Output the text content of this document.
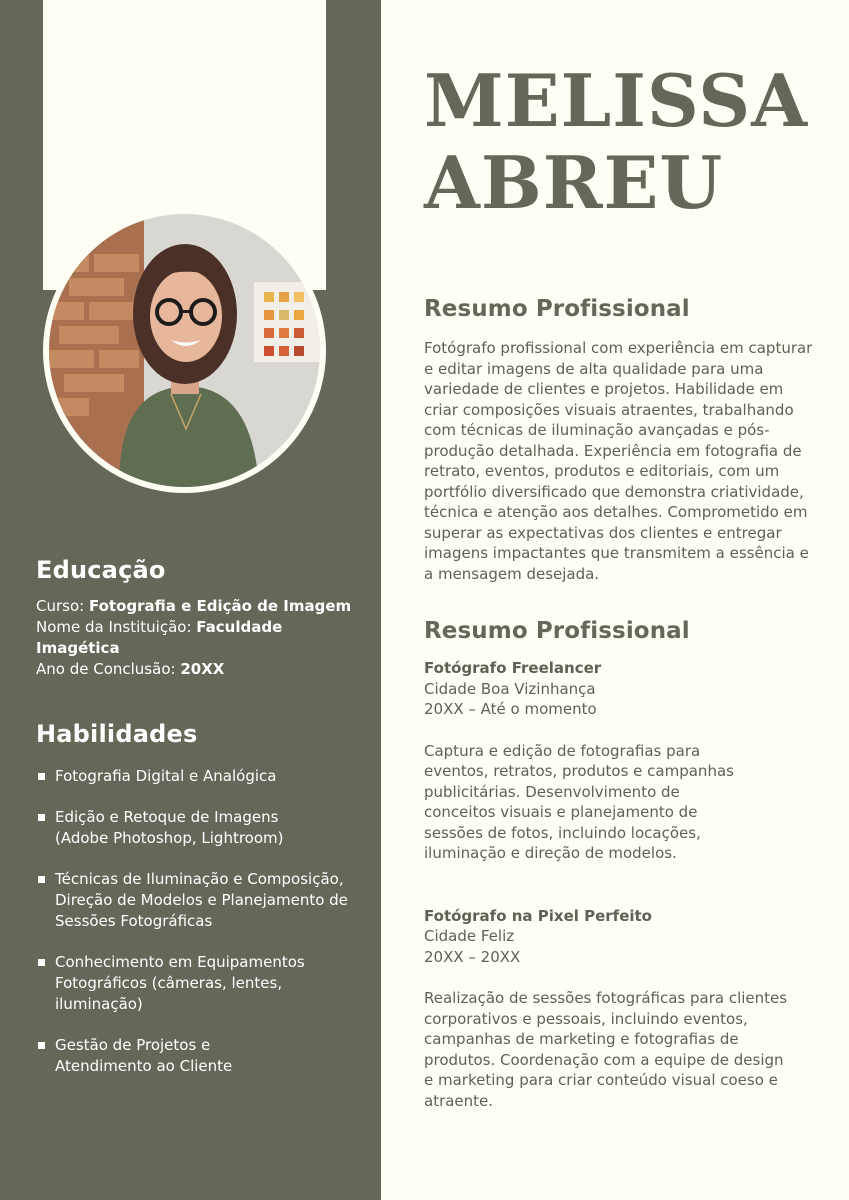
MELISSA
ABREU
Educação
Curso: Fotografia e Edição de Imagem
Nome da Instituição: Faculdade Imagética
Ano de Conclusão: 20XX
Habilidades
Fotografia Digital e Analógica
Edição e Retoque de Imagens (Adobe Photoshop, Lightroom)
Técnicas de Iluminação e Composição, Direção de Modelos e Planejamento de Sessões Fotográficas
Conhecimento em Equipamentos Fotográficos (câmeras, lentes, iluminação)
Gestão de Projetos e Atendimento ao Cliente
Resumo Profissional

Fotógrafo profissional com experiência em capturar e editar imagens de alta qualidade para uma variedade de clientes e projetos. Habilidade em criar composições visuais atraentes, trabalhando com técnicas de iluminação avançadas e pós-produção detalhada. Experiência em fotografia de retrato, eventos, produtos e editoriais, com um portfólio diversificado que demonstra criatividade, técnica e atenção aos detalhes. Comprometido em superar as expectativas dos clientes e entregar imagens impactantes que transmitem a essência e a mensagem desejada.

Resumo Profissional
Fotógrafo Freelancer
Cidade Boa Vizinhança
20XX – Até o momento
Captura e edição de fotografias para eventos, retratos, produtos e campanhas publicitárias. Desenvolvimento de conceitos visuais e planejamento de sessões de fotos, incluindo locações, iluminação e direção de modelos.
Fotógrafo na Pixel Perfeito
Cidade Feliz
20XX – 20XX
Realização de sessões fotográficas para clientes corporativos e pessoais, incluindo eventos, campanhas de marketing e fotografias de produtos. Coordenação com a equipe de design e marketing para criar conteúdo visual coeso e atraente.
